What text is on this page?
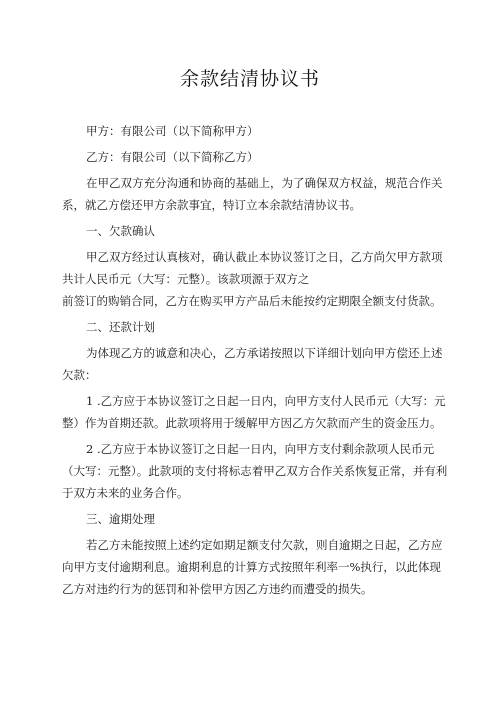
余款结清协议书

甲方：有限公司（以下简称甲方）

乙方：有限公司（以下简称乙方）

在甲乙双方充分沟通和协商的基础上，为了确保双方权益，规范合作关系，就乙方偿还甲方余款事宜，特订立本余款结清协议书。

一、欠款确认

甲乙双方经过认真核对，确认截止本协议签订之日，乙方尚欠甲方款项共计人民币元（大写：元整）。该款项源于双方之

前签订的购销合同，乙方在购买甲方产品后未能按约定期限全额支付货款。

二、还款计划

为体现乙方的诚意和决心，乙方承诺按照以下详细计划向甲方偿还上述欠款：

1 .乙方应于本协议签订之日起一日内，向甲方支付人民币元（大写：元整）作为首期还款。此款项将用于缓解甲方因乙方欠款而产生的资金压力。

2 .乙方应于本协议签订之日起一日内，向甲方支付剩余款项人民币元（大写：元整）。此款项的支付将标志着甲乙双方合作关系恢复正常，并有利于双方未来的业务合作。

三、逾期处理

若乙方未能按照上述约定如期足额支付欠款，则自逾期之日起，乙方应向甲方支付逾期利息。逾期利息的计算方式按照年利率一%执行，以此体现乙方对违约行为的惩罚和补偿甲方因乙方违约而遭受的损失。
